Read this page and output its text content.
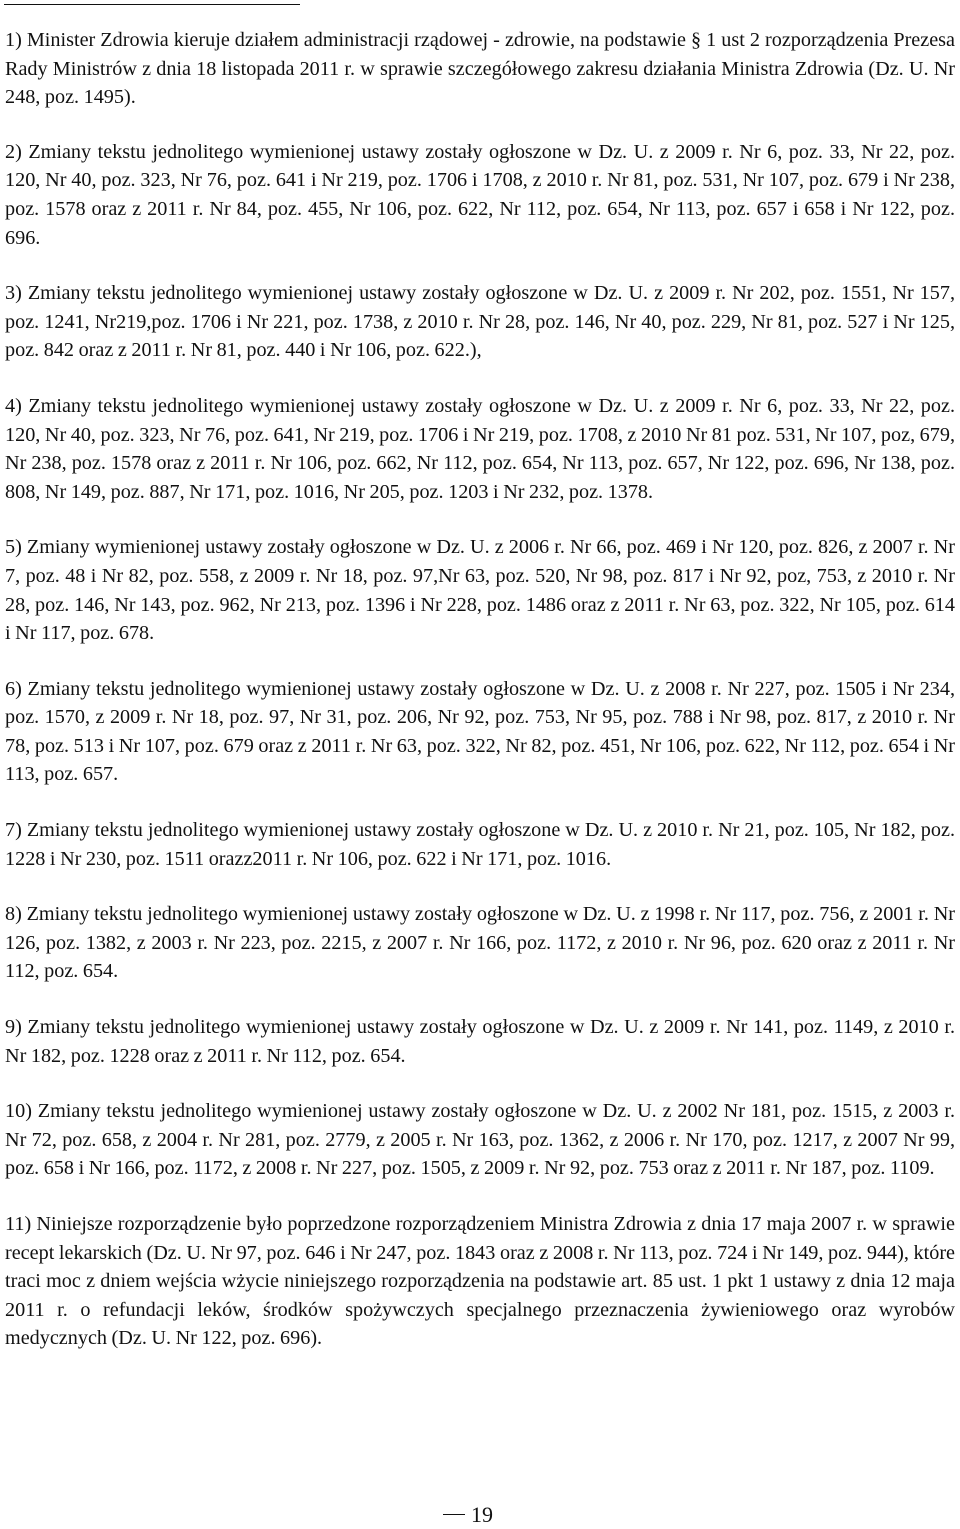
1) Minister Zdrowia kieruje działem administracji rządowej - zdrowie, na podstawie § 1 ust 2 rozporządzenia Prezesa Rady Ministrów z dnia 18 listopada 2011 r. w sprawie szczegółowego zakresu działania Ministra Zdrowia (Dz. U. Nr 248, poz. 1495).

2) Zmiany tekstu jednolitego wymienionej ustawy zostały ogłoszone w Dz. U. z 2009 r. Nr 6, poz. 33, Nr 22, poz. 120, Nr 40, poz. 323, Nr 76, poz. 641 i Nr 219, poz. 1706 i 1708, z 2010 r. Nr 81, poz. 531, Nr 107, poz. 679 i Nr 238, poz. 1578 oraz z 2011 r. Nr 84, poz. 455, Nr 106, poz. 622, Nr 112, poz. 654, Nr 113, poz. 657 i 658 i Nr 122, poz. 696.

3) Zmiany tekstu jednolitego wymienionej ustawy zostały ogłoszone w Dz. U. z 2009 r. Nr 202, poz. 1551, Nr 157, poz. 1241, Nr219,poz. 1706 i Nr 221, poz. 1738, z 2010 r. Nr 28, poz. 146, Nr 40, poz. 229, Nr 81, poz. 527 i Nr 125, poz. 842 oraz z 2011 r. Nr 81, poz. 440 i Nr 106, poz. 622.),

4) Zmiany tekstu jednolitego wymienionej ustawy zostały ogłoszone w Dz. U. z 2009 r. Nr 6, poz. 33, Nr 22, poz. 120, Nr 40, poz. 323, Nr 76, poz. 641, Nr 219, poz. 1706 i Nr 219, poz. 1708, z 2010 Nr 81 poz. 531, Nr 107, poz, 679, Nr 238, poz. 1578 oraz z 2011 r. Nr 106, poz. 662, Nr 112, poz. 654, Nr 113, poz. 657, Nr 122, poz. 696, Nr 138, poz. 808, Nr 149, poz. 887, Nr 171, poz. 1016, Nr 205, poz. 1203 i Nr 232, poz. 1378.

5) Zmiany wymienionej ustawy zostały ogłoszone w Dz. U. z 2006 r. Nr 66, poz. 469 i Nr 120, poz. 826, z 2007 r. Nr 7, poz. 48 i Nr 82, poz. 558, z 2009 r. Nr 18, poz. 97,Nr 63, poz. 520, Nr 98, poz. 817 i Nr 92, poz, 753, z 2010 r. Nr 28, poz. 146, Nr 143, poz. 962, Nr 213, poz. 1396 i Nr 228, poz. 1486 oraz z 2011 r. Nr 63, poz. 322, Nr 105, poz. 614 i Nr 117, poz. 678.

6) Zmiany tekstu jednolitego wymienionej ustawy zostały ogłoszone w Dz. U. z 2008 r. Nr 227, poz. 1505 i Nr 234, poz. 1570, z 2009 r. Nr 18, poz. 97, Nr 31, poz. 206, Nr 92, poz. 753, Nr 95, poz. 788 i Nr 98, poz. 817, z 2010 r. Nr 78, poz. 513 i Nr 107, poz. 679 oraz z 2011 r. Nr 63, poz. 322, Nr 82, poz. 451, Nr 106, poz. 622, Nr 112, poz. 654 i Nr 113, poz. 657.

7) Zmiany tekstu jednolitego wymienionej ustawy zostały ogłoszone w Dz. U. z 2010 r. Nr 21, poz. 105, Nr 182, poz. 1228 i Nr 230, poz. 1511 orazz2011 r. Nr 106, poz. 622 i Nr 171, poz. 1016.

8) Zmiany tekstu jednolitego wymienionej ustawy zostały ogłoszone w Dz. U. z 1998 r. Nr 117, poz. 756, z 2001 r. Nr 126, poz. 1382, z 2003 r. Nr 223, poz. 2215, z 2007 r. Nr 166, poz. 1172, z 2010 r. Nr 96, poz. 620 oraz z 2011 r. Nr 112, poz. 654.

9) Zmiany tekstu jednolitego wymienionej ustawy zostały ogłoszone w Dz. U. z 2009 r. Nr 141, poz. 1149, z 2010 r. Nr 182, poz. 1228 oraz z 2011 r. Nr 112, poz. 654.

10) Zmiany tekstu jednolitego wymienionej ustawy zostały ogłoszone w Dz. U. z 2002 Nr 181, poz. 1515, z 2003 r. Nr 72, poz. 658, z 2004 r. Nr 281, poz. 2779, z 2005 r. Nr 163, poz. 1362, z 2006 r. Nr 170, poz. 1217, z 2007 Nr 99, poz. 658 i Nr 166, poz. 1172, z 2008 r. Nr 227, poz. 1505, z 2009 r. Nr 92, poz. 753 oraz z 2011 r. Nr 187, poz. 1109.

11) Niniejsze rozporządzenie było poprzedzone rozporządzeniem Ministra Zdrowia z dnia 17 maja 2007 r. w sprawie recept lekarskich (Dz. U. Nr 97, poz. 646 i Nr 247, poz. 1843 oraz z 2008 r. Nr 113, poz. 724 i Nr 149, poz. 944), które traci moc z dniem wejścia wżycie niniejszego rozporządzenia na podstawie art. 85 ust. 1 pkt 1 ustawy z dnia 12 maja 2011 r. o refundacji leków, środków spożywczych specjalnego przeznaczenia żywieniowego oraz wyrobów medycznych (Dz. U. Nr 122, poz. 696).

19
